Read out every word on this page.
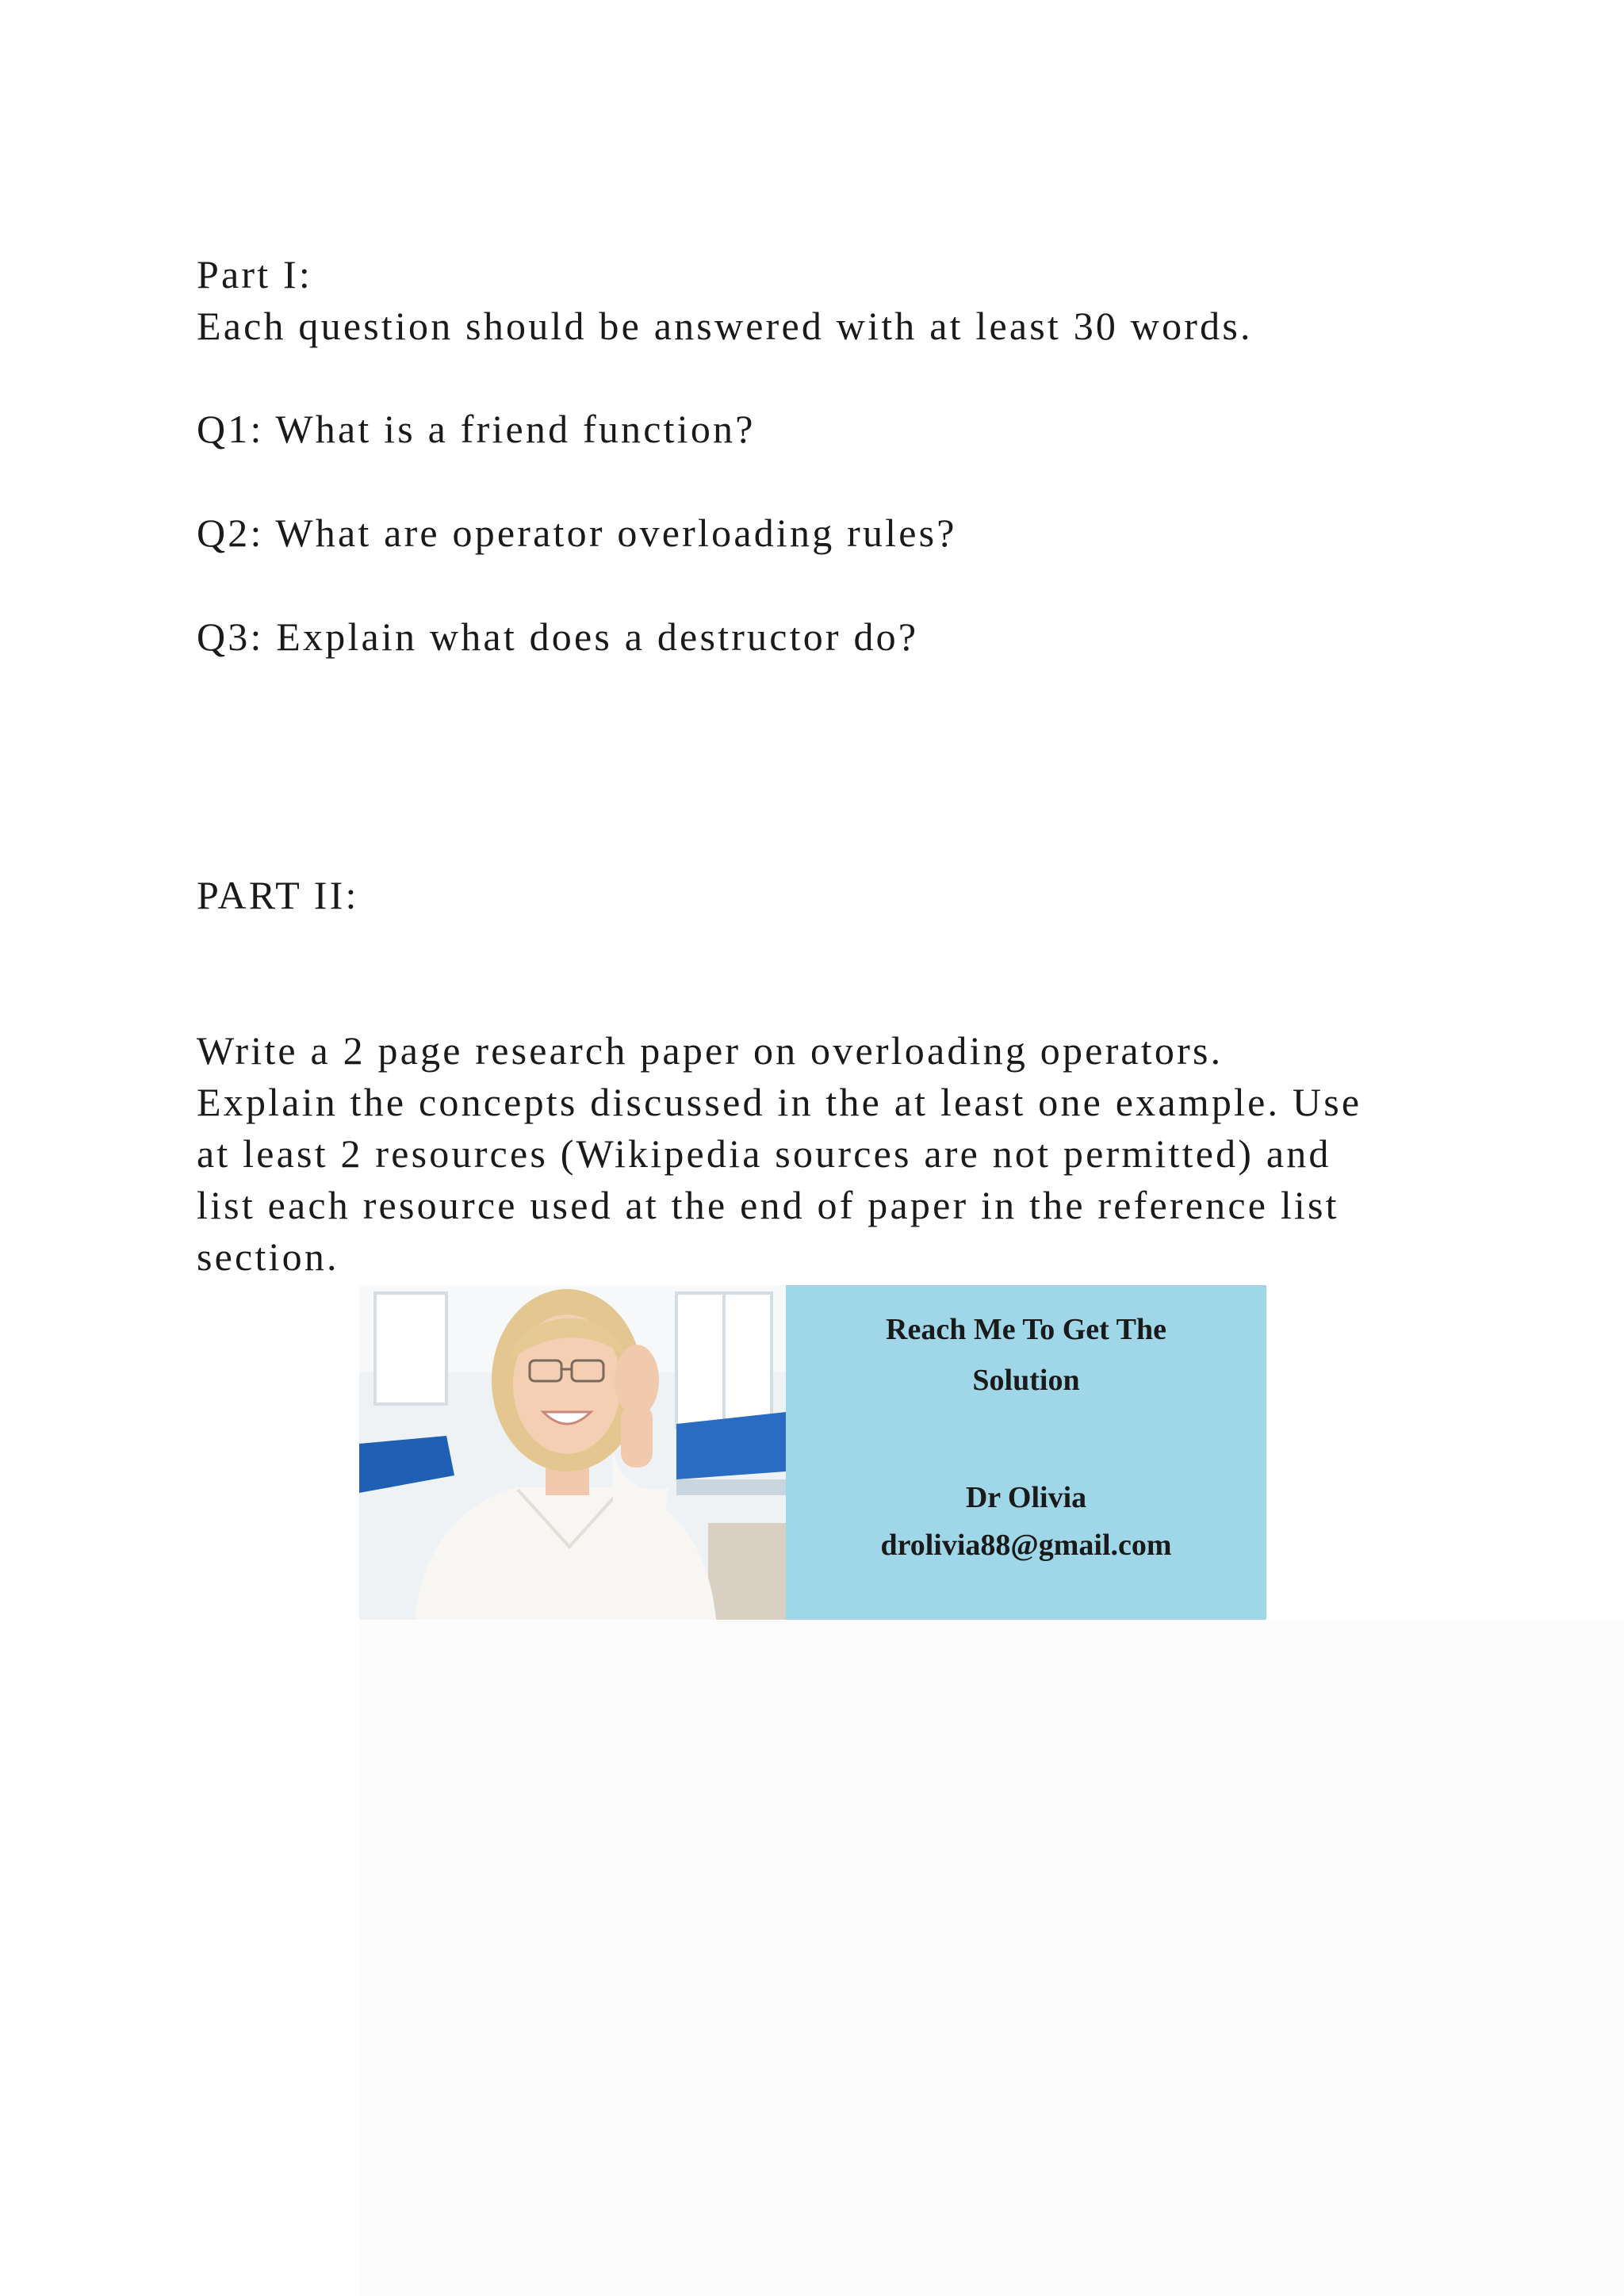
Part I:

Each question should be answered with at least 30 words.

Q1: What is a friend function?

Q2: What are operator overloading rules?

Q3: Explain what does a destructor do?

PART II:

Write a 2 page research paper on overloading operators.

Explain the concepts discussed in the at least one example. Use

at least 2 resources (Wikipedia sources are not permitted) and

list each resource used at the end of paper in the reference list

section.

Reach Me To Get The

Solution

Dr Olivia

drolivia88@gmail.com
